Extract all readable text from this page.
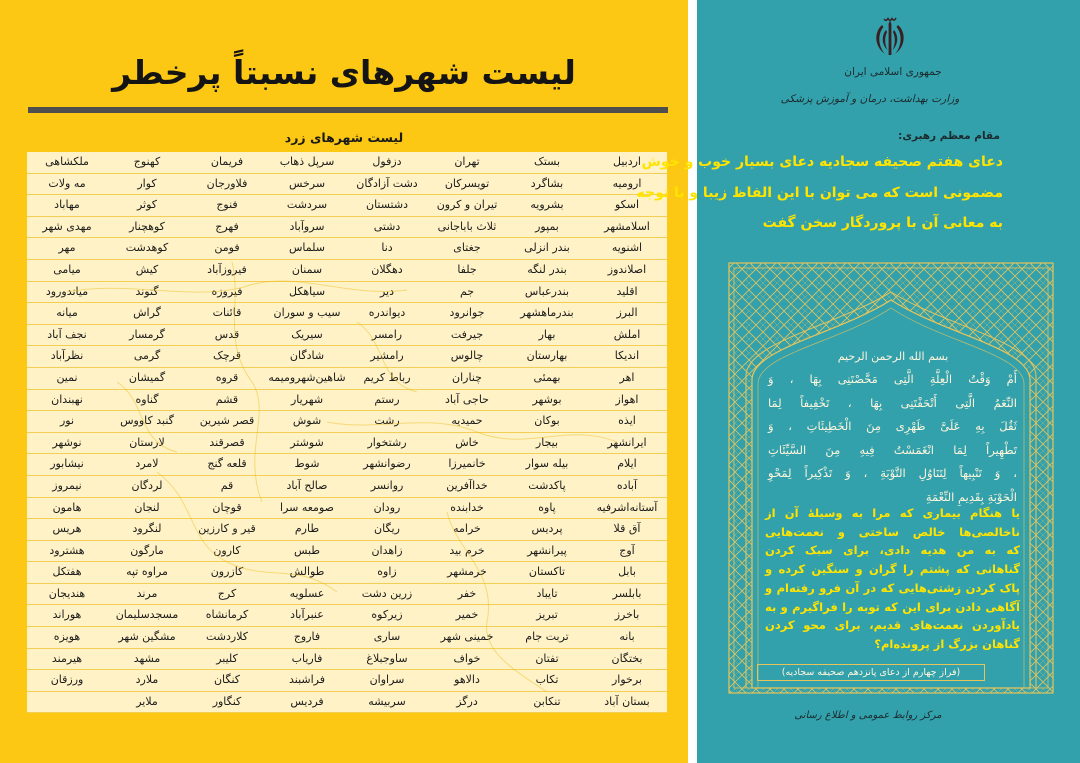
لیست شهرهای نسبتاً پرخطر
لیست شهرهای زرد
اردبیل
بستک
تهران
دزفول
سرپل ذهاب
فریمان
کهنوج
ملکشاهی
ارومیه
بشاگرد
تویسرکان
دشت آزادگان
سرخس
فلاورجان
کوار
مه ولات
اسکو
بشرویه
تیران و کرون
دشتستان
سردشت
فنوج
کوثر
مهاباد
اسلامشهر
بمپور
ثلاث باباجانی
دشتی
سروآباد
فهرج
کوهچنار
مهدی شهر
اشنویه
بندر انزلی
جغتای
دنا
سلماس
فومن
کوهدشت
مهر
اصلاندوز
بندر لنگه
جلفا
دهگلان
سمنان
فیروزآباد
کیش
میامی
اقلید
بندرعباس
جم
دیر
سیاهکل
فیروزه
گتوند
میاندورود
البرز
بندرماهشهر
جوانرود
دیواندره
سیب و سوران
قائنات
گراش
میانه
املش
بهار
جیرفت
رامسر
سیریک
قدس
گرمسار
نجف آباد
اندیکا
بهارستان
چالوس
رامشیر
شادگان
قرچک
گرمی
نظرآباد
اهر
بهمئی
چناران
رباط کریم
شاهین‌شهرومیمه
قروه
گمیشان
نمین
اهواز
بوشهر
حاجی آباد
رستم
شهریار
قشم
گناوه
نهبندان
ایذه
بوکان
حمیدیه
رشت
شوش
قصر شیرین
گنبد کاووس
نور
ایرانشهر
بیجار
خاش
رشتخوار
شوشتر
قصرقند
لارستان
نوشهر
ایلام
بیله سوار
خانمیرزا
رضوانشهر
شوط
قلعه گنج
لامرد
نیشابور
آباده
پاکدشت
خداآفرین
روانسر
صالح آباد
قم
لردگان
نیمروز
آستانه‌اشرفیه
پاوه
خدابنده
رودان
صومعه سرا
قوچان
لنجان
هامون
آق قلا
پردیس
خرامه
ریگان
طارم
قیر و کارزین
لنگرود
هریس
آوج
پیرانشهر
خرم بید
زاهدان
طبس
کارون
مارگون
هشترود
بابل
تاکستان
خرمشهر
زاوه
طوالش
کازرون
مراوه تپه
هفتکل
بابلسر
تایباد
خفر
زرین دشت
عسلویه
کرج
مرند
هندیجان
باخرز
تبریز
خمیر
زیرکوه
عنبرآباد
کرمانشاه
مسجدسلیمان
هوراند
بانه
تربت جام
خمینی شهر
ساری
فاروج
کلاردشت
مشگین شهر
هویزه
بختگان
تفتان
خواف
ساوجبلاغ
فاریاب
کلیبر
مشهد
هیرمند
برخوار
تکاب
دالاهو
سراوان
فراشبند
کنگان
ملارد
ورزقان
بستان آباد
تنکابن
درگز
سربیشه
فردیس
کنگاور
ملایر
جمهوری اسلامی ایران
وزارت بهداشت، درمان و آموزش پزشکی
مقام معظم رهبری:
دعای هفتم صحیفه سجادیه دعای بسیار خوب و خوش
مضمونی است که می توان با این الفاظ زیبا و با توجه
به معانی آن با پروردگار سخن گفت
بسم الله الرحمن الرحیم
أَمْ وَقْتُ الْعِلَّةِ الَّتِی مَحَّصْتَنِی بِهَا ، وَ
النِّعَمُ الَّتِی أَتْحَفْتَنِی بِهَا ، تَخْفِیفاً لِمَا
ثَقُلَ بِهِ عَلَیَّ ظَهْرِی مِنَ الْخَطِیئَاتِ ، وَ
تَطْهِیراً لِمَا انْغَمَسْتُ فِیهِ مِنَ السَّیِّئَاتِ
، وَ تَنْبِیهاً لِتَنَاوُلِ التَّوْبَةِ ، وَ تَذْکِیراً لِمَحْوِ
الْحَوْبَةِ بِقَدِیمِ النِّعْمَةِ
یا هنگام بیماری که مرا به وسیلهٔ آن از
ناخالصی‌ها خالص ساختی و نعمت‌هایی
که به من هدیه دادی، برای سبک کردن
گناهانی که پشتم را گران و سنگین کرده و
پاک کردن زشتی‌هایی که در آن فرو رفته‌ام و
آگاهی دادن برای این که توبه را فراگیرم و به
یادآوردن نعمت‌های قدیم، برای محو کردن
گناهان بزرگ از پرونده‌ام؟
(فراز چهارم از دعای پانزدهم صحیفه سجادیه)
مرکز روابط عمومی و اطلاع رسانی
